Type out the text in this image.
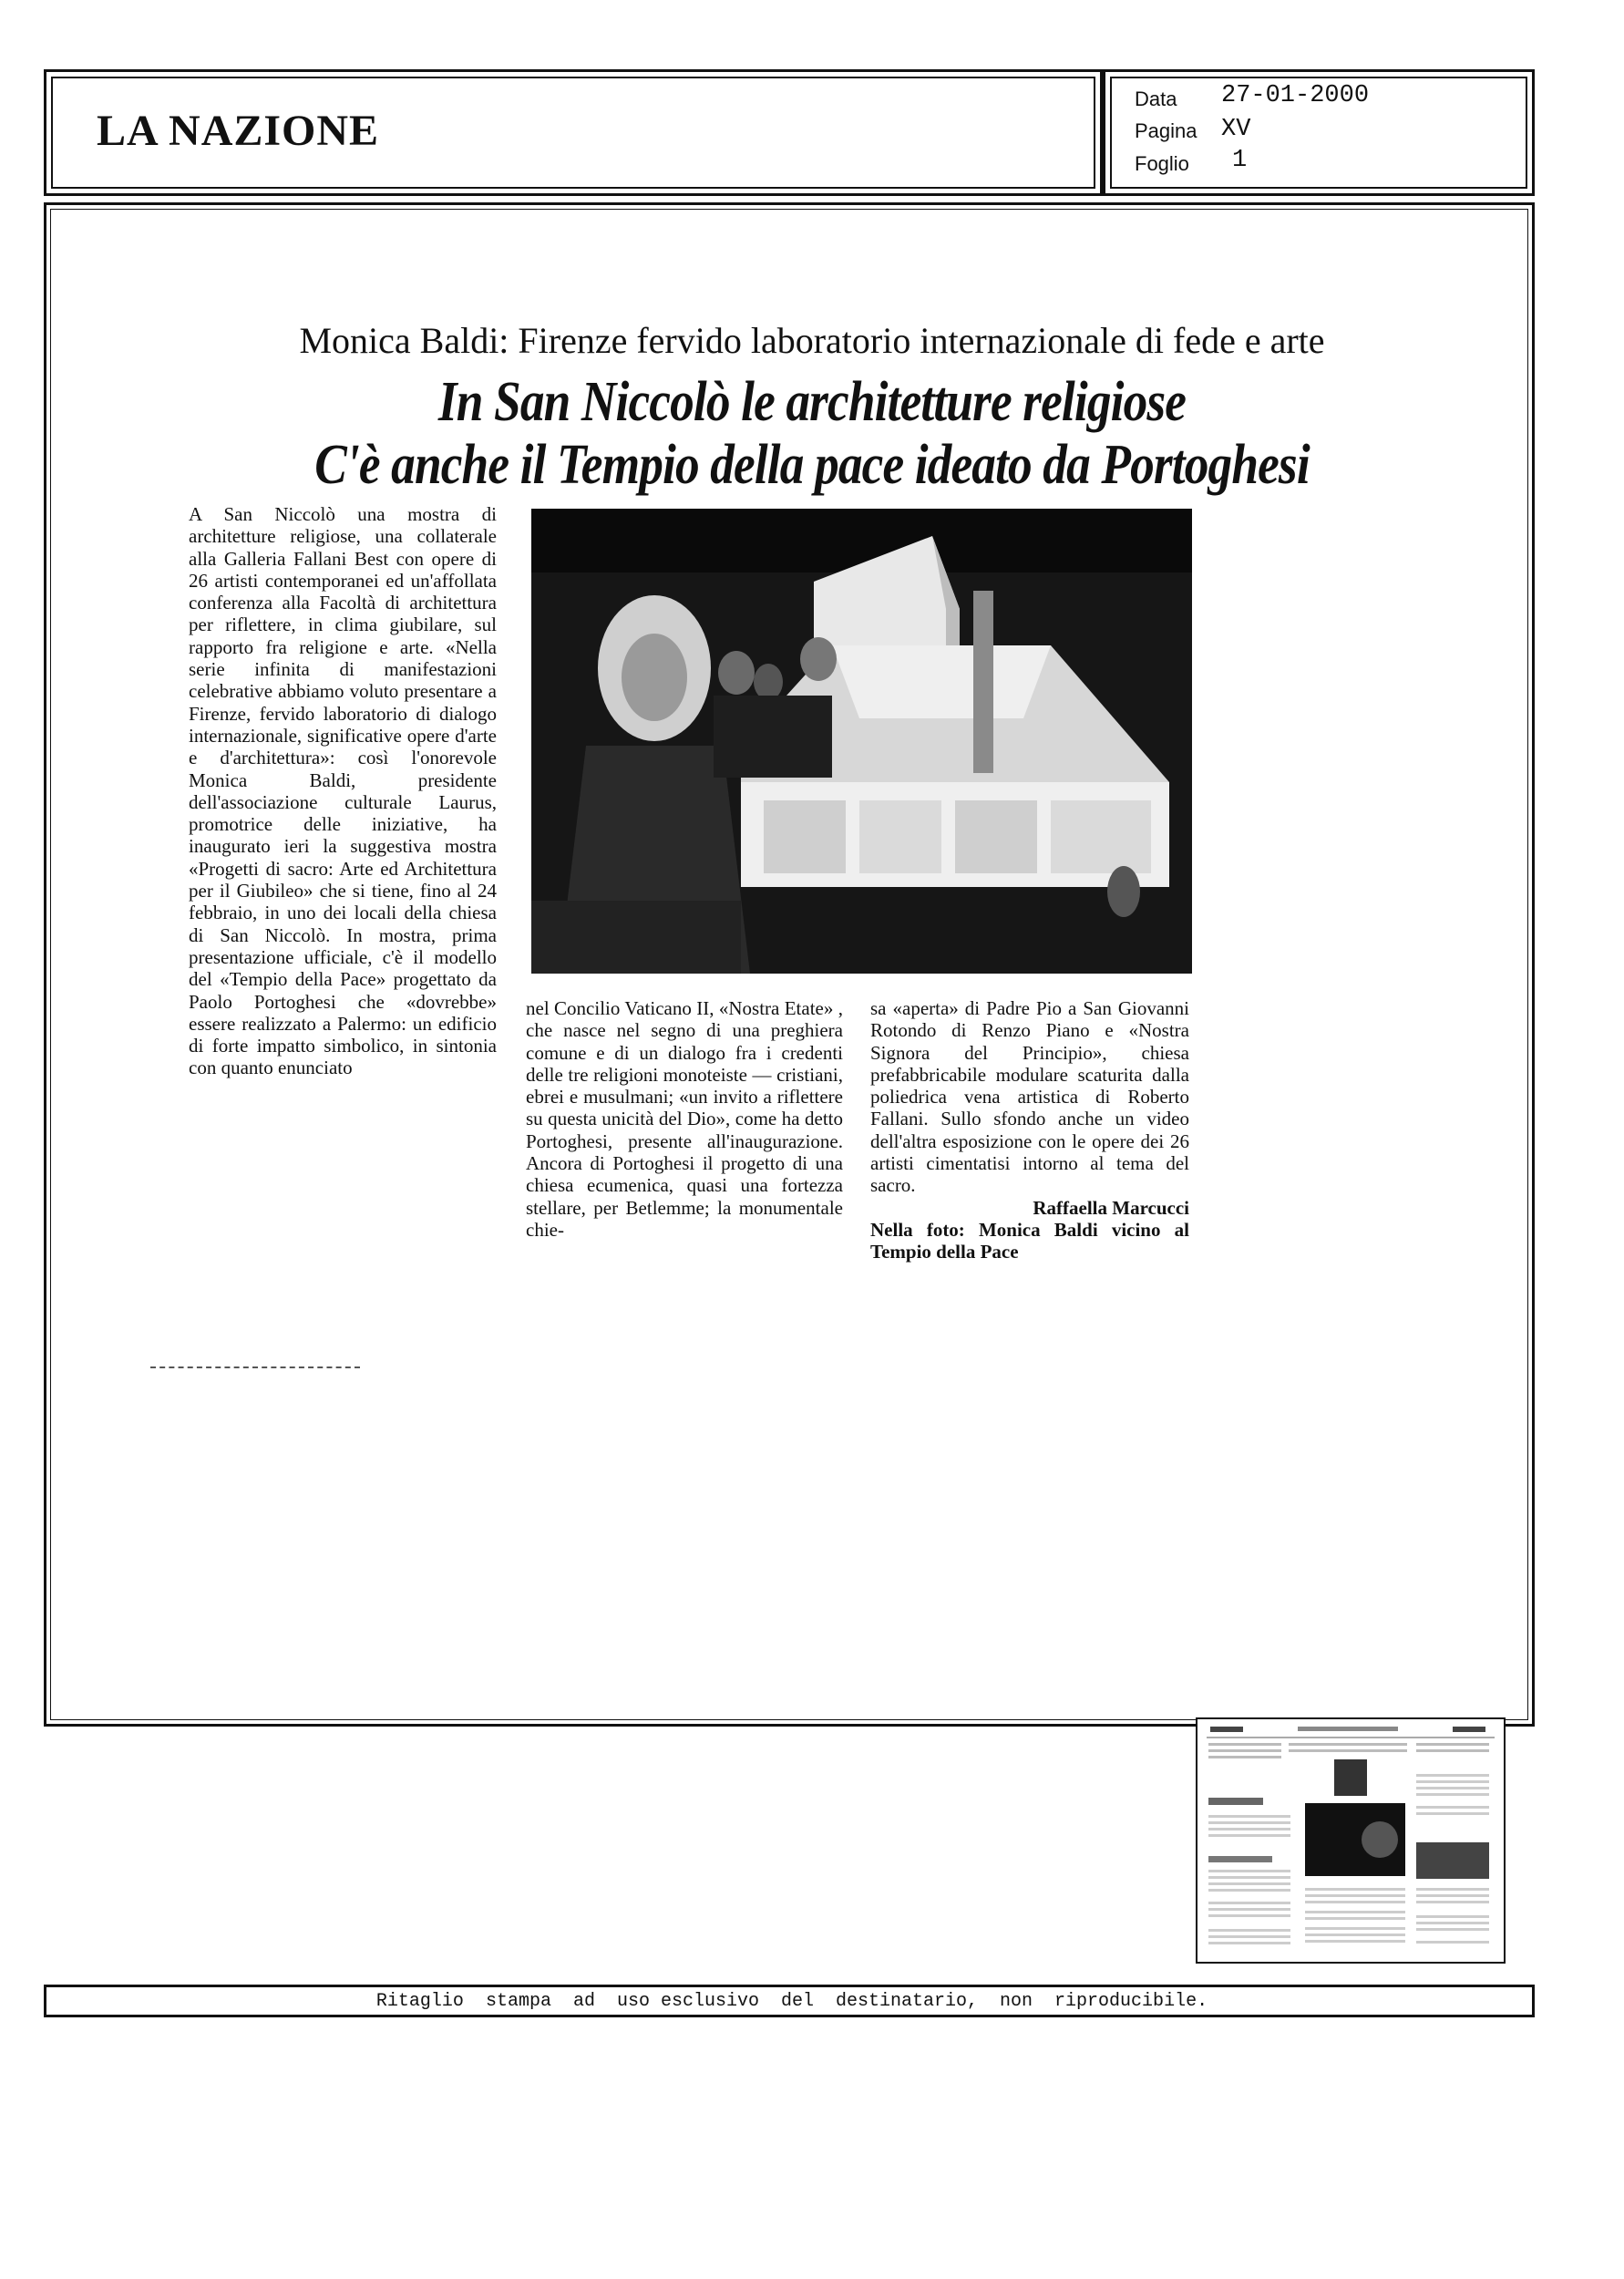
LA NAZIONE
Data 27-01-2000
Pagina XV
Foglio 1
Monica Baldi: Firenze fervido laboratorio internazionale di fede e arte
In San Niccolò le architetture religiose
C'è anche il Tempio della pace ideato da Portoghesi
A San Niccolò una mostra di architetture religiose, una collaterale alla Galleria Fallani Best con opere di 26 artisti contemporanei ed un'affollata conferenza alla Facoltà di architettura per riflettere, in clima giubilare, sul rapporto fra religione e arte. «Nella serie infinita di manifestazioni celebrative abbiamo voluto presentare a Firenze, fervido laboratorio di dialogo internazionale, significative opere d'arte e d'architettura»: così l'onorevole Monica Baldi, presidente dell'associazione culturale Laurus, promotrice delle iniziative, ha inaugurato ieri la suggestiva mostra «Progetti di sacro: Arte ed Architettura per il Giubileo» che si tiene, fino al 24 febbraio, in uno dei locali della chiesa di San Niccolò. In mostra, prima presentazione ufficiale, c'è il modello del «Tempio della Pace» progettato da Paolo Portoghesi che «dovrebbe» essere realizzato a Palermo: un edificio di forte impatto simbolico, in sintonia con quanto enunciato
nel Concilio Vaticano II, «Nostra Etate» , che nasce nel segno di una preghiera comune e di un dialogo fra i credenti delle tre religioni monoteiste — cristiani, ebrei e musulmani; «un invito a riflettere su questa unicità del Dio», come ha detto Portoghesi, presente all'inaugurazione. Ancora di Portoghesi il progetto di una chiesa ecumenica, quasi una fortezza stellare, per Betlemme; la monumentale chie-
sa «aperta» di Padre Pio a San Giovanni Rotondo di Renzo Piano e «Nostra Signora del Principio», chiesa prefabbricabile modulare scaturita dalla poliedrica vena artistica di Roberto Fallani. Sullo sfondo anche un video dell'altra esposizione con le opere dei 26 artisti cimentatisi intorno al tema del sacro.
Raffaella Marcucci
Nella foto: Monica Baldi vicino al Tempio della Pace
Ritaglio  stampa  ad  uso esclusivo  del  destinatario,  non  riproducibile.
